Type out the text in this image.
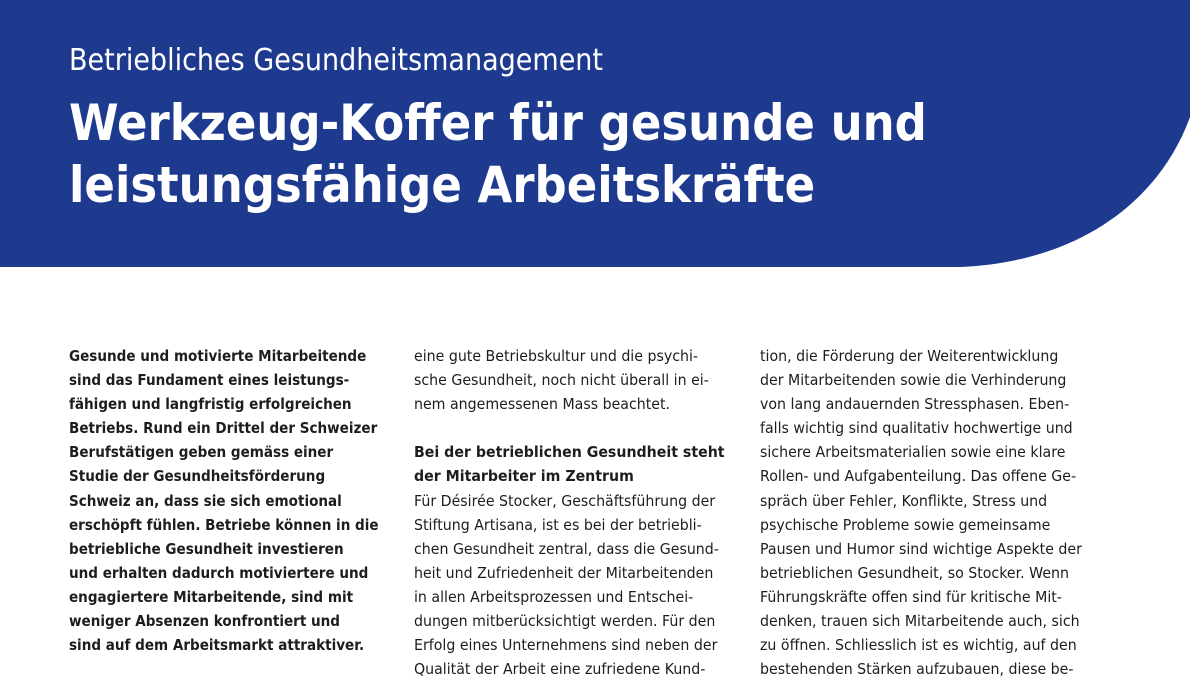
Betriebliches Gesundheitsmanagement
Werkzeug-Koffer für gesunde und
leistungsfähige Arbeitskräfte
Gesunde und motivierte Mitarbeitende
sind das Fundament eines leistungs-
fähigen und langfristig erfolgreichen
Betriebs. Rund ein Drittel der Schweizer
Berufstätigen geben gemäss einer
Studie der Gesundheitsförderung
Schweiz an, dass sie sich emotional
erschöpft fühlen. Betriebe können in die
betriebliche Gesundheit investieren
und erhalten dadurch motiviertere und
engagiertere Mitarbeitende, sind mit
weniger Absenzen konfrontiert und
sind auf dem Arbeitsmarkt attraktiver.
eine gute Betriebskultur und die psychi-
sche Gesundheit, noch nicht überall in ei-
nem angemessenen Mass beachtet.
Bei der betrieblichen Gesundheit steht
der Mitarbeiter im Zentrum
Für Désirée Stocker, Geschäftsführung der
Stiftung Artisana, ist es bei der betriebli-
chen Gesundheit zentral, dass die Gesund-
heit und Zufriedenheit der Mitarbeitenden
in allen Arbeitsprozessen und Entschei-
dungen mitberücksichtigt werden. Für den
Erfolg eines Unternehmens sind neben der
Qualität der Arbeit eine zufriedene Kund-
tion, die Förderung der Weiterentwicklung
der Mitarbeitenden sowie die Verhinderung
von lang andauernden Stressphasen. Eben-
falls wichtig sind qualitativ hochwertige und
sichere Arbeitsmaterialien sowie eine klare
Rollen- und Aufgabenteilung. Das offene Ge-
spräch über Fehler, Konflikte, Stress und
psychische Probleme sowie gemeinsame
Pausen und Humor sind wichtige Aspekte der
betrieblichen Gesundheit, so Stocker. Wenn
Führungskräfte offen sind für kritische Mit-
denken, trauen sich Mitarbeitende auch, sich
zu öffnen. Schliesslich ist es wichtig, auf den
bestehenden Stärken aufzubauen, diese be-
